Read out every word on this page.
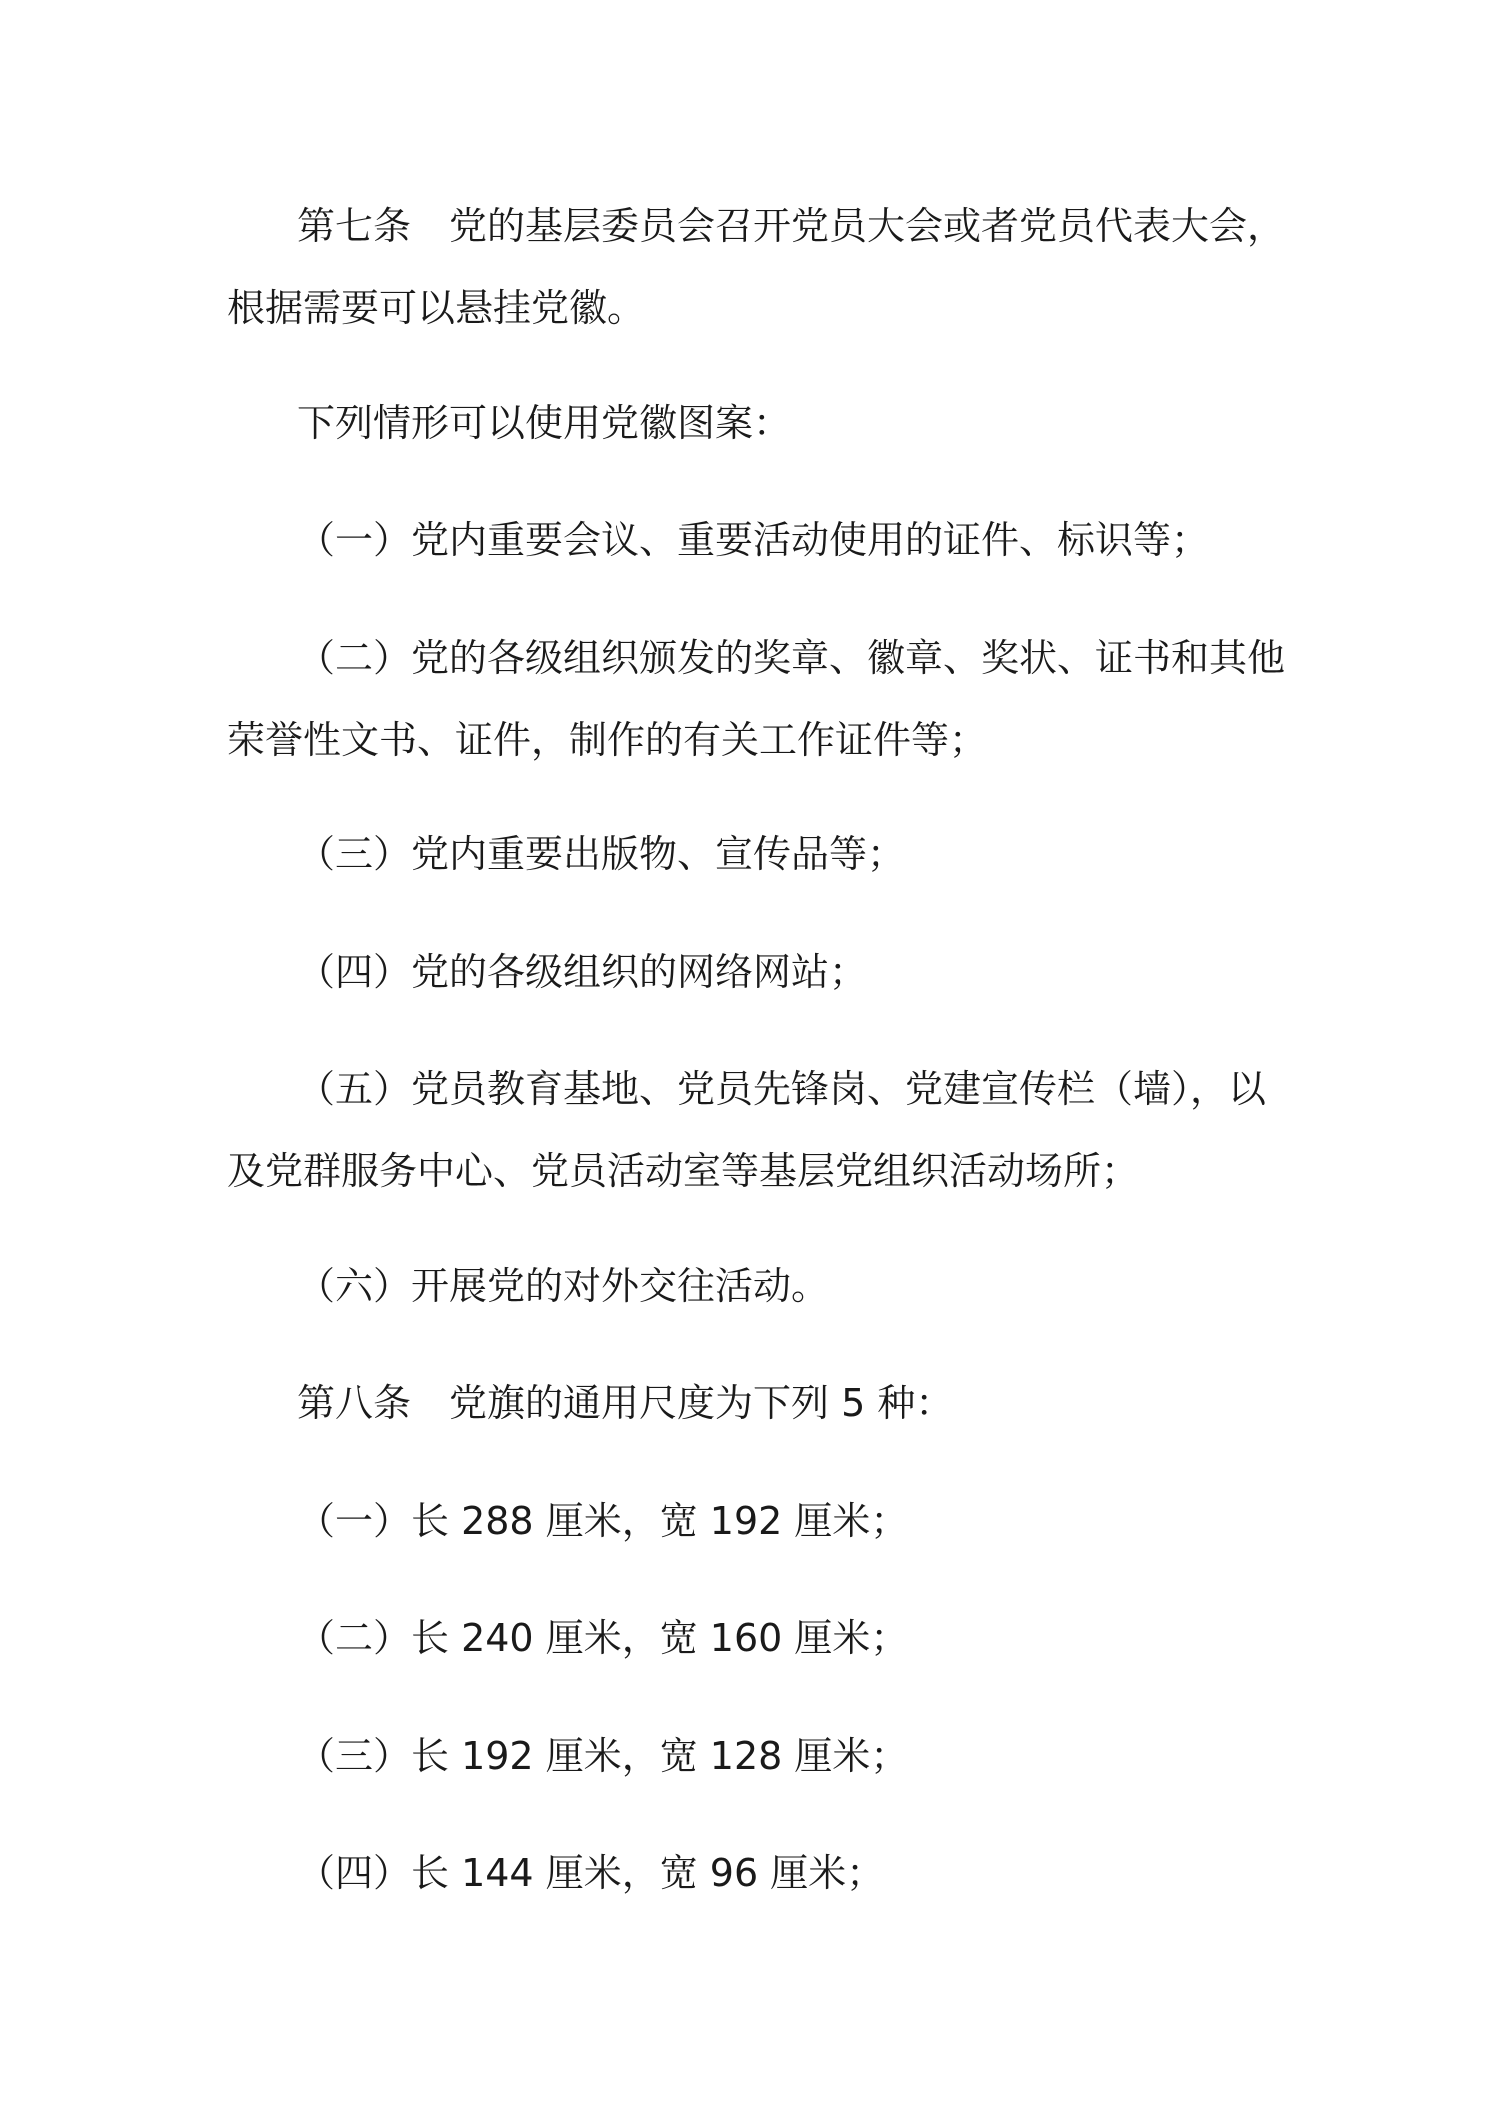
第七条　党的基层委员会召开党员大会或者党员代表大会，根据需要可以悬挂党徽。

下列情形可以使用党徽图案：

（一）党内重要会议、重要活动使用的证件、标识等；

（二）党的各级组织颁发的奖章、徽章、奖状、证书和其他荣誉性文书、证件，制作的有关工作证件等；

（三）党内重要出版物、宣传品等；

（四）党的各级组织的网络网站；

（五）党员教育基地、党员先锋岗、党建宣传栏（墙），以及党群服务中心、党员活动室等基层党组织活动场所；

（六）开展党的对外交往活动。

第八条　党旗的通用尺度为下列 5 种：

（一）长 288 厘米，宽 192 厘米；

（二）长 240 厘米，宽 160 厘米；

（三）长 192 厘米，宽 128 厘米；

（四）长 144 厘米，宽 96 厘米；
